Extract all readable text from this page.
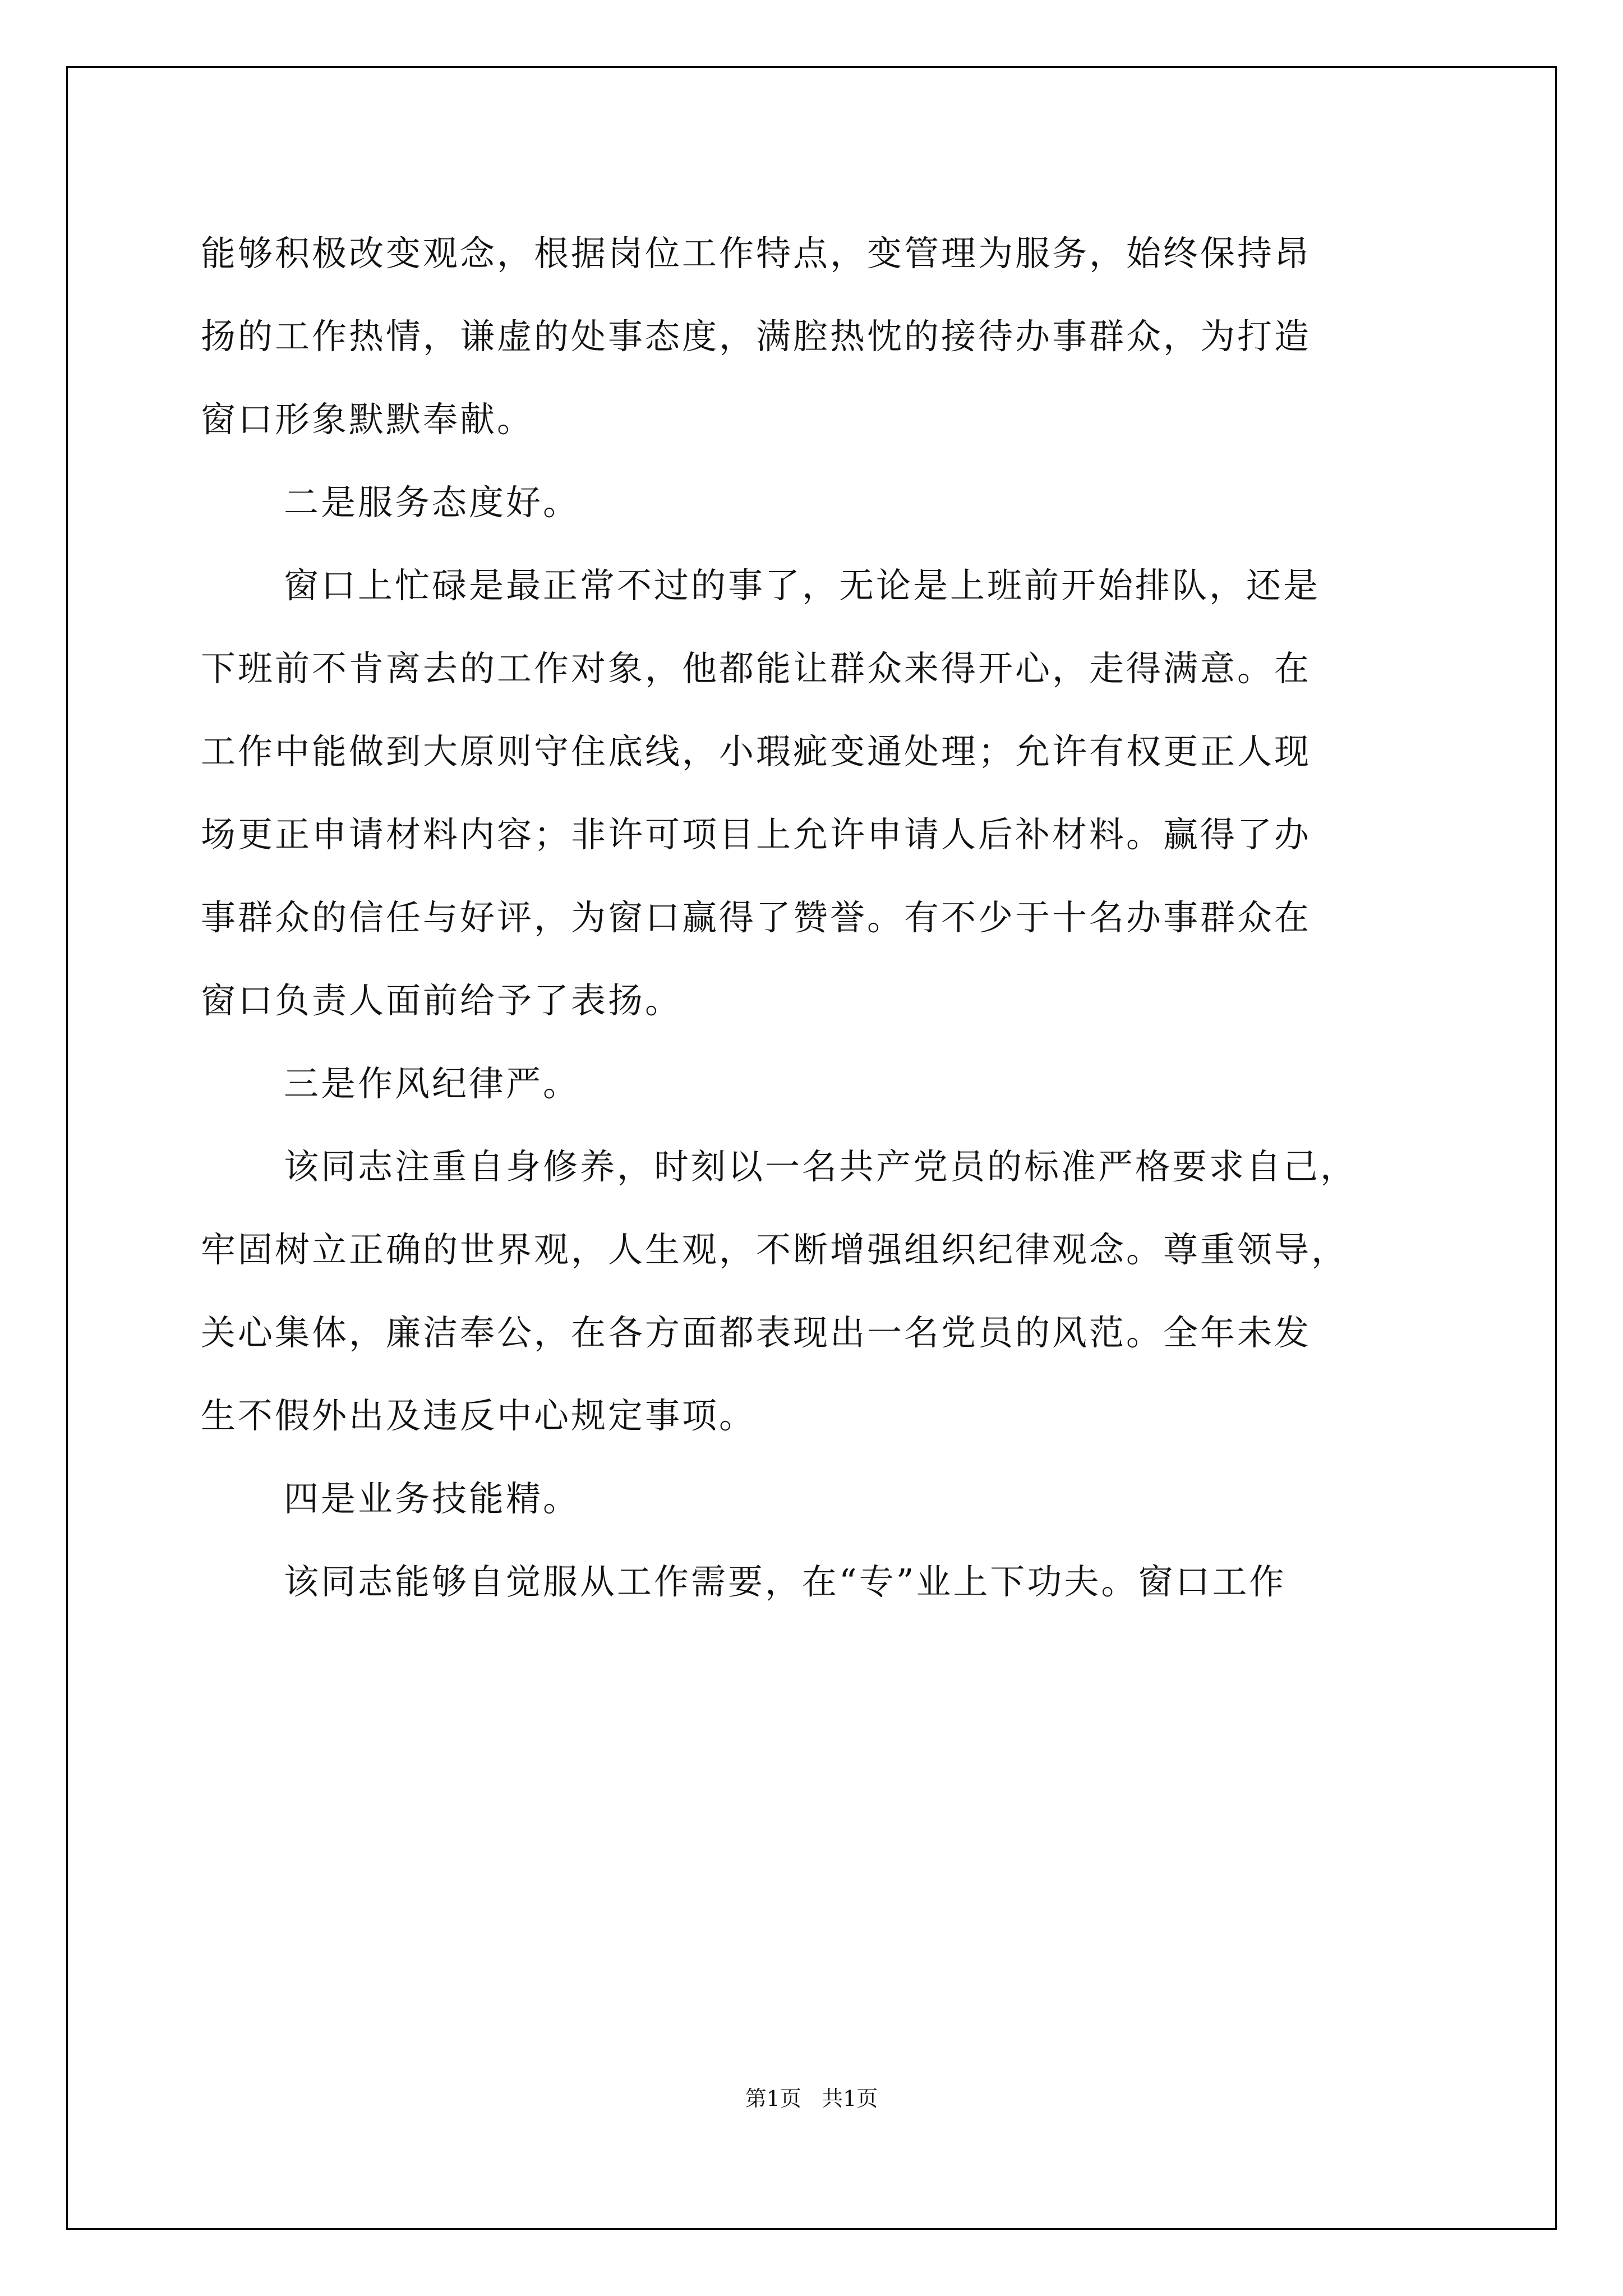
能够积极改变观念，根据岗位工作特点，变管理为服务，始终保持昂

扬的工作热情，谦虚的处事态度，满腔热忱的接待办事群众，为打造

窗口形象默默奉献。

二是服务态度好。

窗口上忙碌是最正常不过的事了，无论是上班前开始排队，还是

下班前不肯离去的工作对象，他都能让群众来得开心，走得满意。在

工作中能做到大原则守住底线，小瑕疵变通处理；允许有权更正人现

场更正申请材料内容；非许可项目上允许申请人后补材料。赢得了办

事群众的信任与好评，为窗口赢得了赞誉。有不少于十名办事群众在

窗口负责人面前给予了表扬。

三是作风纪律严。

该同志注重自身修养，时刻以一名共产党员的标准严格要求自己，

牢固树立正确的世界观，人生观，不断增强组织纪律观念。尊重领导，

关心集体，廉洁奉公，在各方面都表现出一名党员的风范。全年未发

生不假外出及违反中心规定事项。

四是业务技能精。

该同志能够自觉服从工作需要，在“专”业上下功夫。窗口工作

第1页 共1页
